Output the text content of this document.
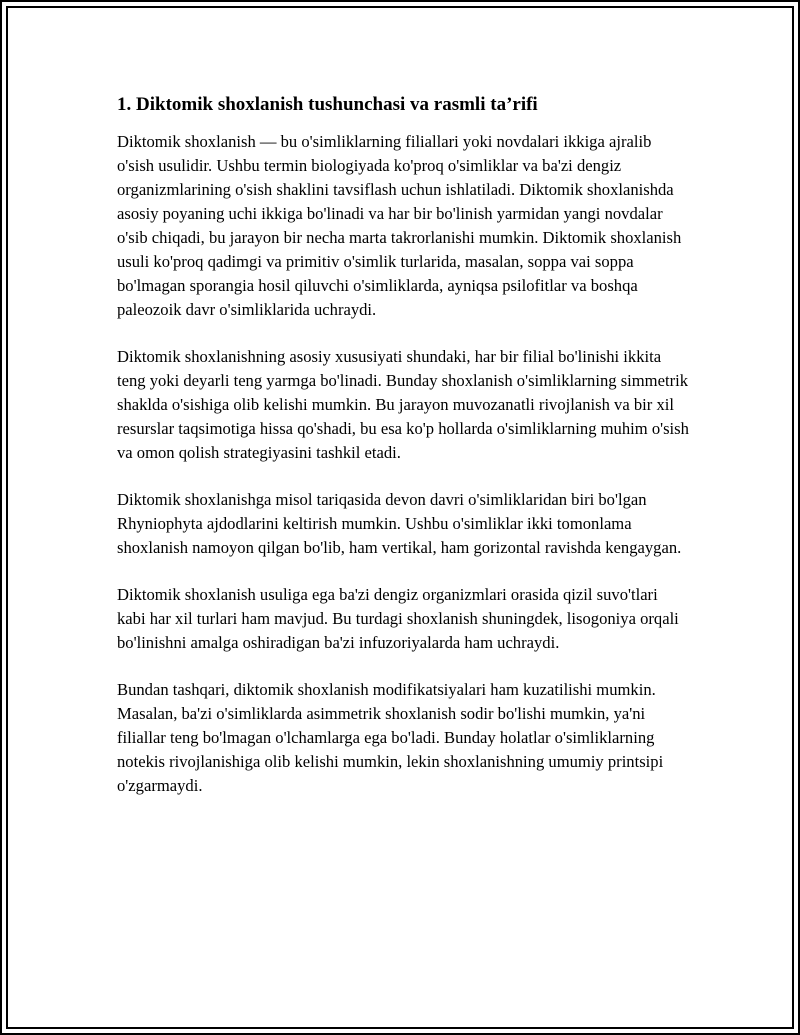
1. Diktomik shoxlanish tushunchasi va rasmli ta’rifi

Diktomik shoxlanish — bu o'simliklarning filiallari yoki novdalari ikkiga ajralib o'sish usulidir. Ushbu termin biologiyada ko'proq o'simliklar va ba'zi dengiz organizmlarining o'sish shaklini tavsiflash uchun ishlatiladi. Diktomik shoxlanishda asosiy poyaning uchi ikkiga bo'linadi va har bir bo'linish yarmidan yangi novdalar o'sib chiqadi, bu jarayon bir necha marta takrorlanishi mumkin. Diktomik shoxlanish usuli ko'proq qadimgi va primitiv o'simlik turlarida, masalan, soppa vai soppa bo'lmagan sporangia hosil qiluvchi o'simliklarda, ayniqsa psilofitlar va boshqa paleozoik davr o'simliklarida uchraydi.

Diktomik shoxlanishning asosiy xususiyati shundaki, har bir filial bo'linishi ikkita teng yoki deyarli teng yarmga bo'linadi. Bunday shoxlanish o'simliklarning simmetrik shaklda o'sishiga olib kelishi mumkin. Bu jarayon muvozanatli rivojlanish va bir xil resurslar taqsimotiga hissa qo'shadi, bu esa ko'p hollarda o'simliklarning muhim o'sish va omon qolish strategiyasini tashkil etadi.

Diktomik shoxlanishga misol tariqasida devon davri o'simliklaridan biri bo'lgan Rhyniophyta ajdodlarini keltirish mumkin. Ushbu o'simliklar ikki tomonlama shoxlanish namoyon qilgan bo'lib, ham vertikal, ham gorizontal ravishda kengaygan.

Diktomik shoxlanish usuliga ega ba'zi dengiz organizmlari orasida qizil suvo'tlari kabi har xil turlari ham mavjud. Bu turdagi shoxlanish shuningdek, lisogoniya orqali bo'linishni amalga oshiradigan ba'zi infuzoriyalarda ham uchraydi.

Bundan tashqari, diktomik shoxlanish modifikatsiyalari ham kuzatilishi mumkin. Masalan, ba'zi o'simliklarda asimmetrik shoxlanish sodir bo'lishi mumkin, ya'ni filiallar teng bo'lmagan o'lchamlarga ega bo'ladi. Bunday holatlar o'simliklarning notekis rivojlanishiga olib kelishi mumkin, lekin shoxlanishning umumiy printsipi o'zgarmaydi.
